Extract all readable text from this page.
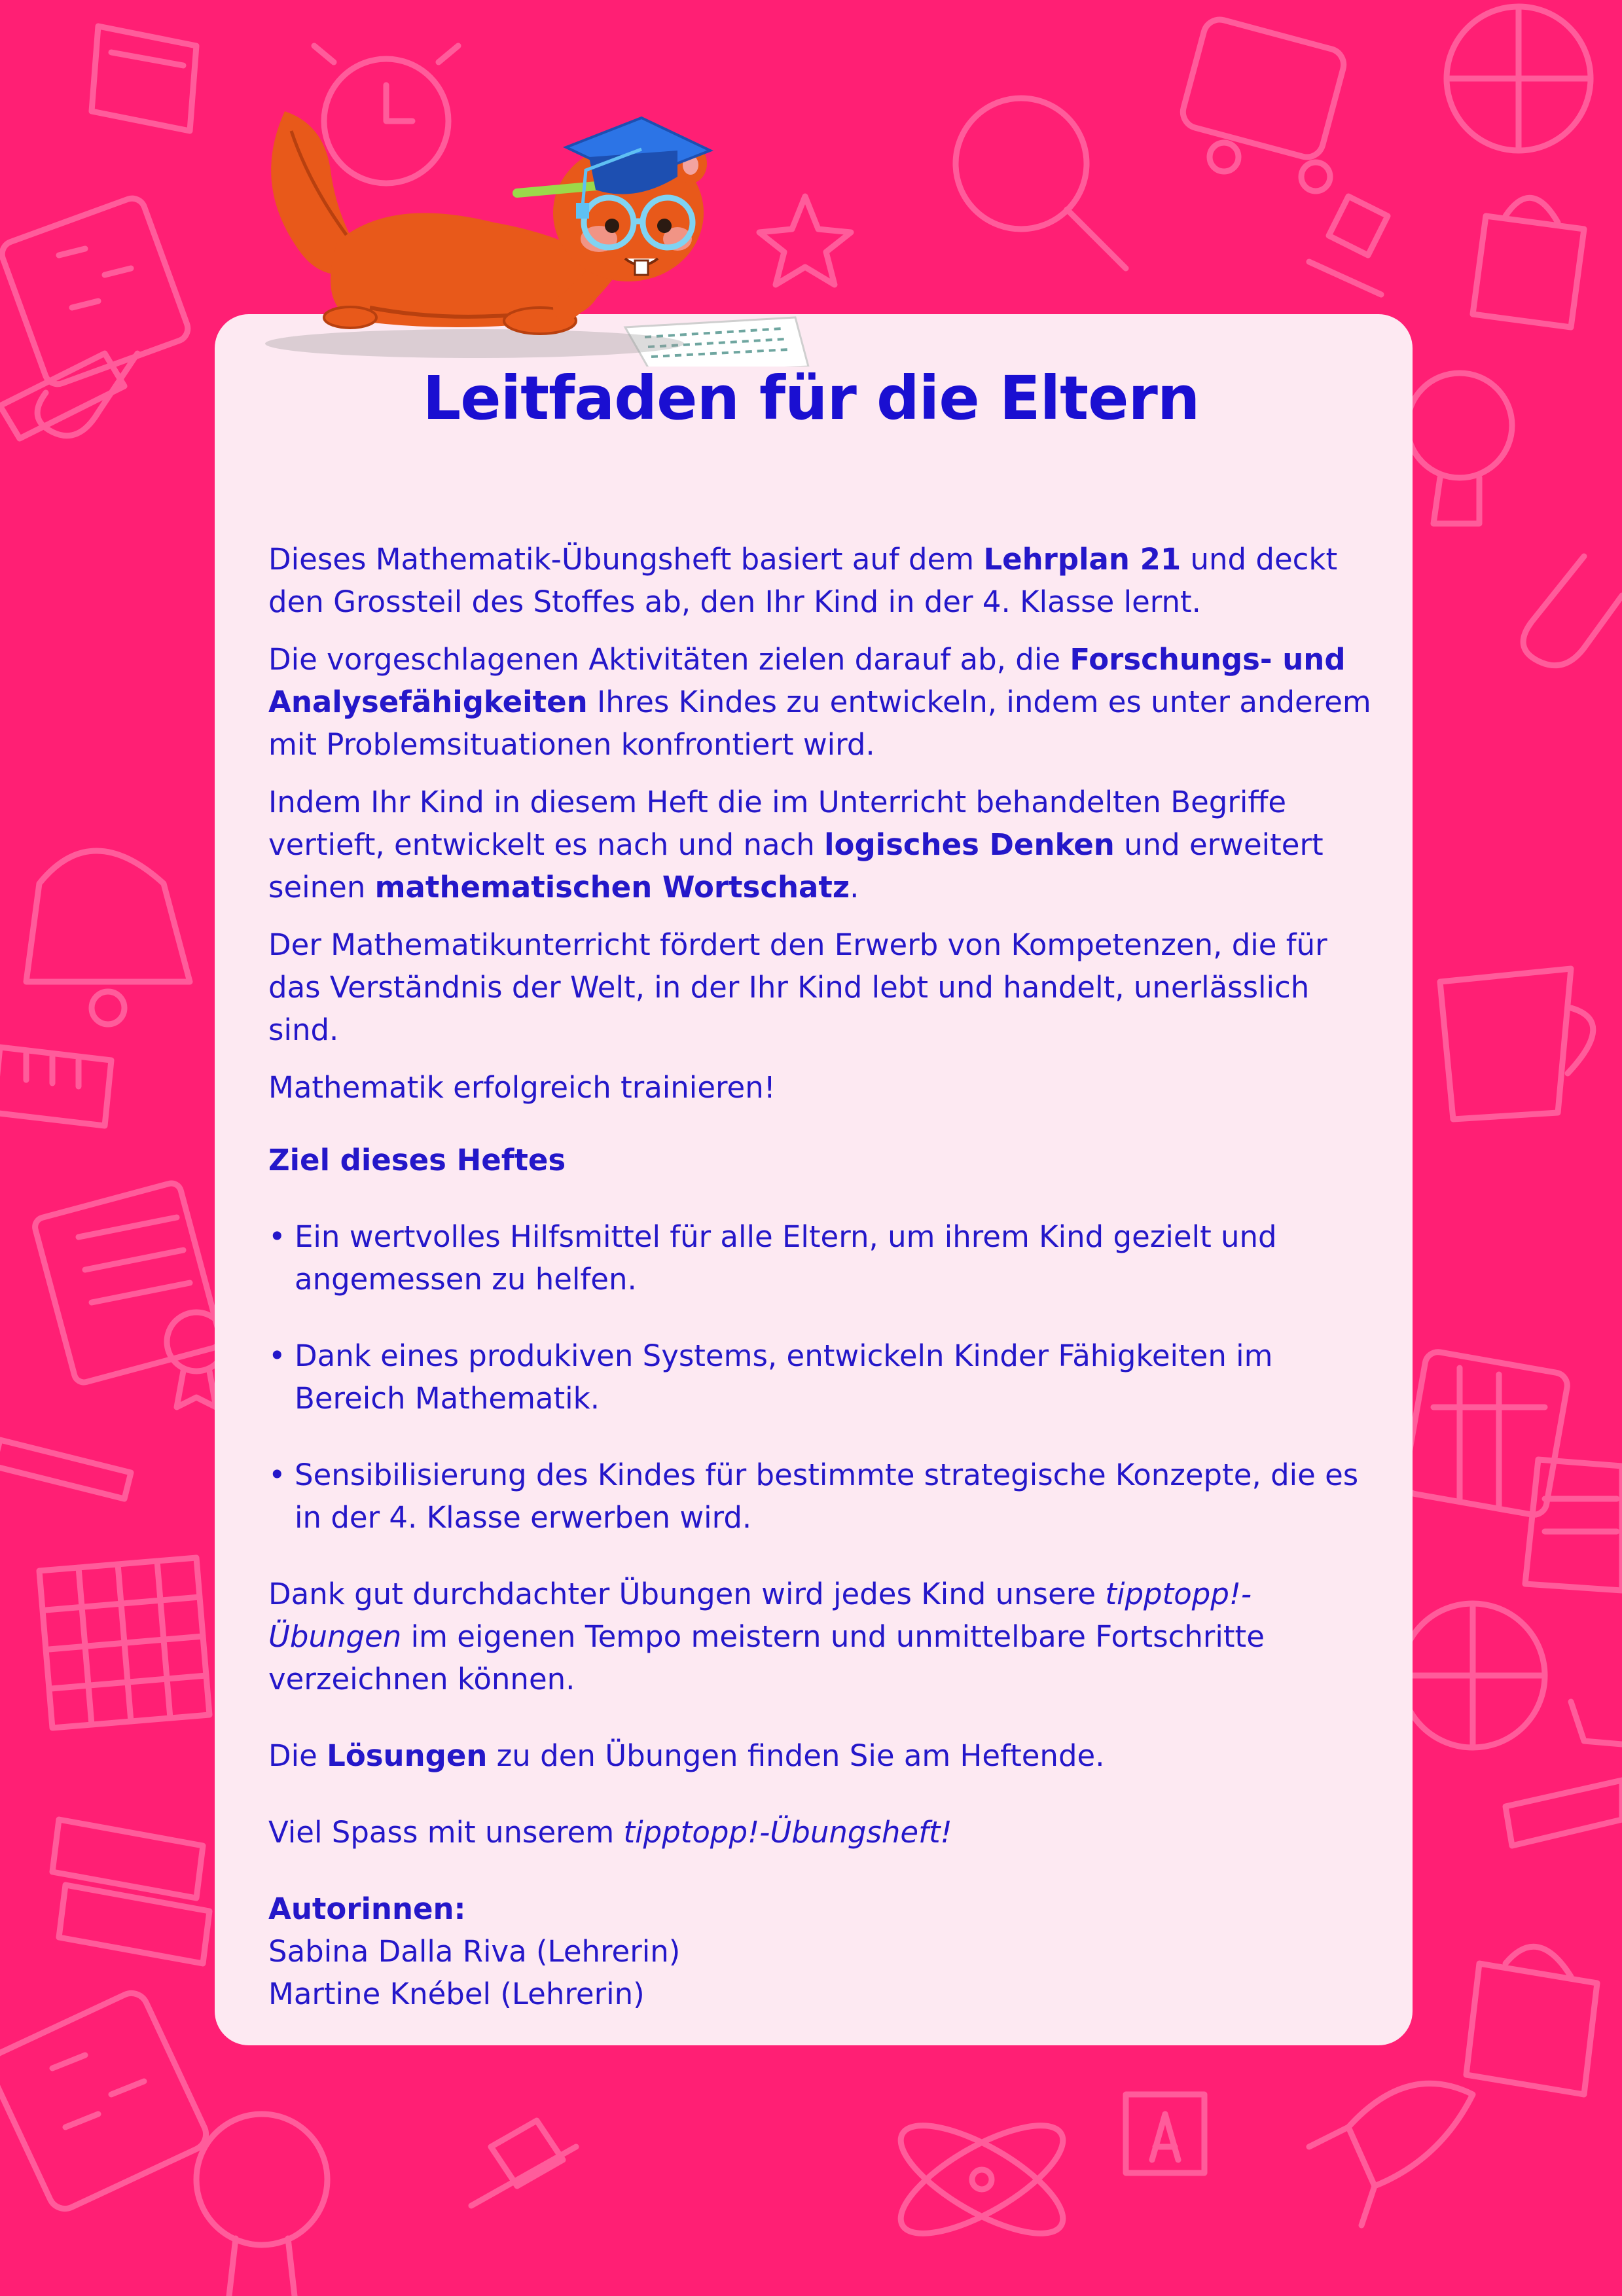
Leitfaden für die Eltern

Dieses Mathematik-Übungsheft basiert auf dem Lehrplan 21 und deckt den Grossteil des Stoffes ab, den Ihr Kind in der 4. Klasse lernt.

Die vorgeschlagenen Aktivitäten zielen darauf ab, die Forschungs- und Analysefähigkeiten Ihres Kindes zu entwickeln, indem es unter anderem mit Problemsituationen konfrontiert wird.

Indem Ihr Kind in diesem Heft die im Unterricht behandelten Begriffe vertieft, entwickelt es nach und nach logisches Denken und erweitert seinen mathematischen Wortschatz.

Der Mathematikunterricht fördert den Erwerb von Kompetenzen, die für das Verständnis der Welt, in der Ihr Kind lebt und handelt, unerlässlich sind.

Mathematik erfolgreich trainieren!

Ziel dieses Heftes

• Ein wertvolles Hilfsmittel für alle Eltern, um ihrem Kind gezielt und angemessen zu helfen.
• Dank eines produkiven Systems, entwickeln Kinder Fähigkeiten im Bereich Mathematik.
• Sensibilisierung des Kindes für bestimmte strategische Konzepte, die es in der 4. Klasse erwerben wird.

Dank gut durchdachter Übungen wird jedes Kind unsere tipptopp!-Übungen im eigenen Tempo meistern und unmittelbare Fortschritte verzeichnen können.

Die Lösungen zu den Übungen finden Sie am Heftende.

Viel Spass mit unserem tipptopp!-Übungsheft!

Autorinnen:

Sabina Dalla Riva (Lehrerin)

Martine Knébel (Lehrerin)
